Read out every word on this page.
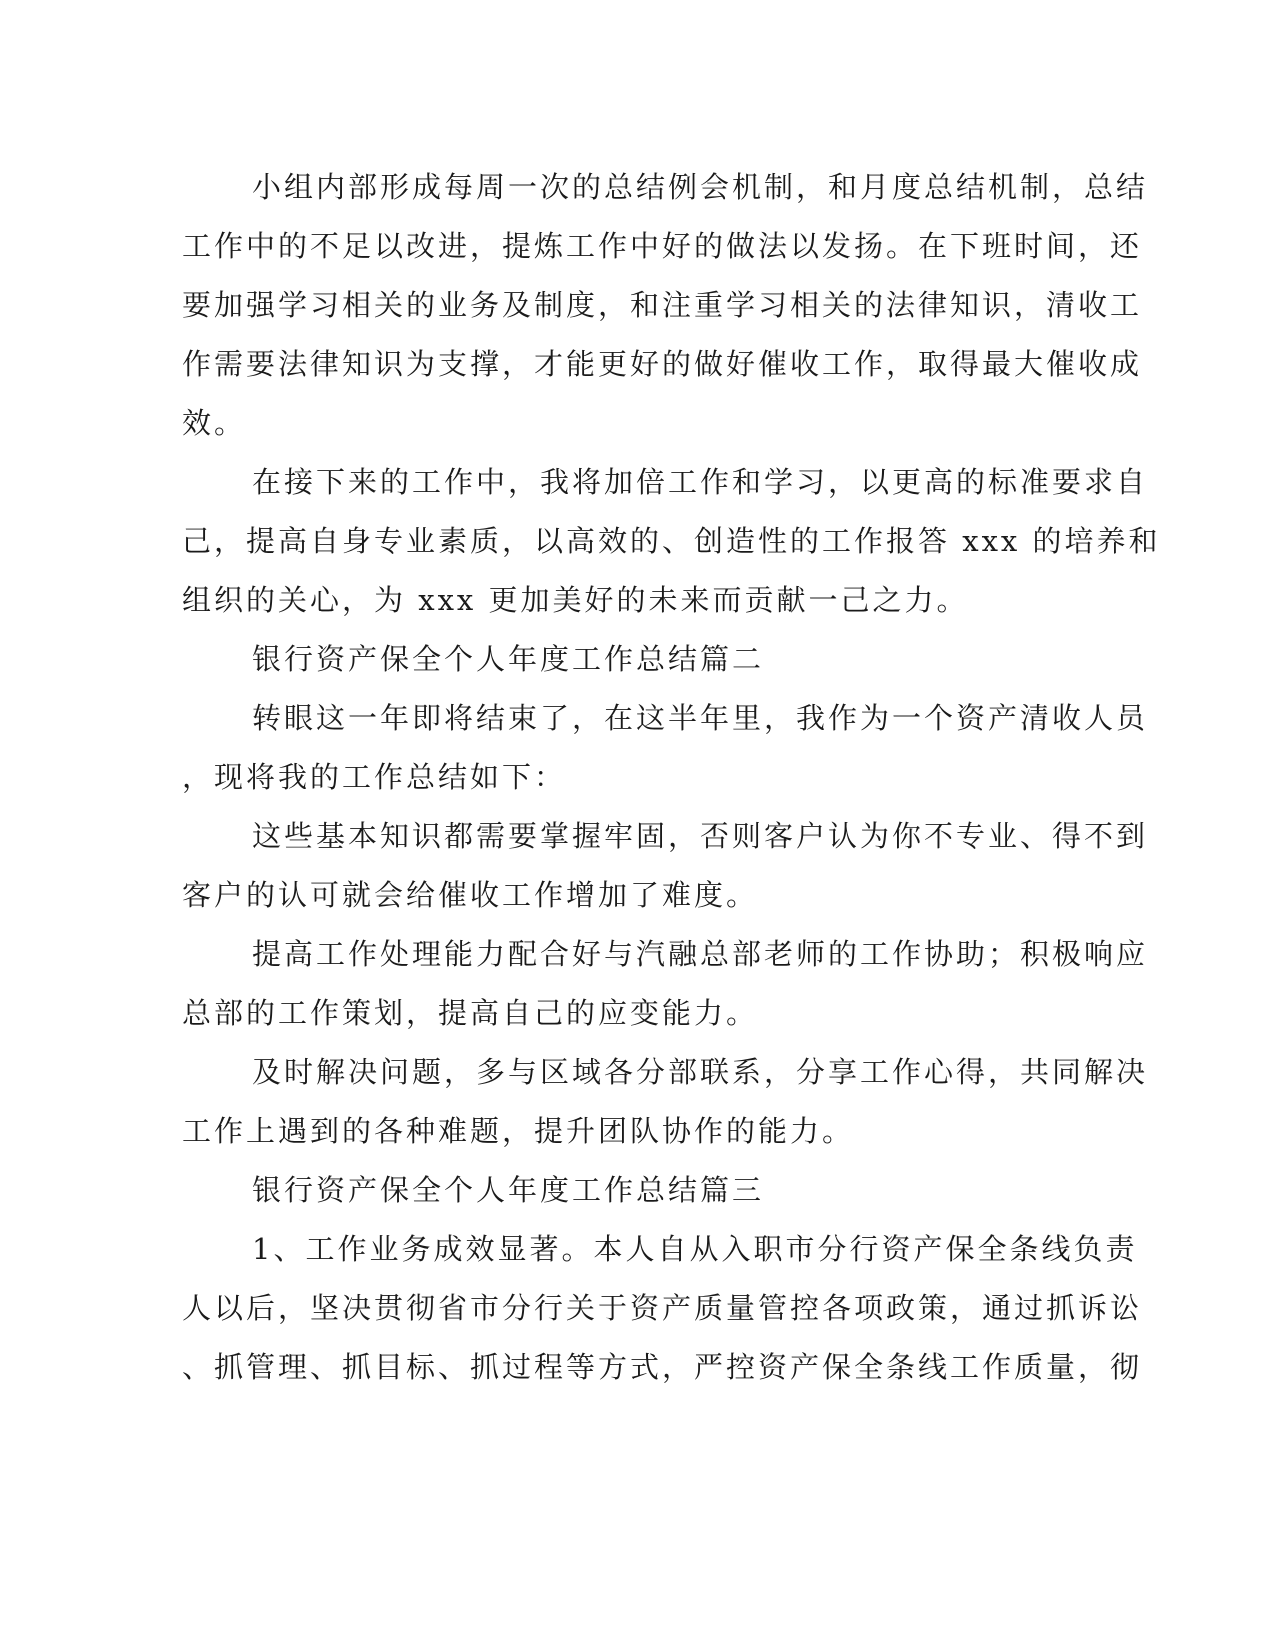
小组内部形成每周一次的总结例会机制，和月度总结机制，总结
工作中的不足以改进，提炼工作中好的做法以发扬。在下班时间，还
要加强学习相关的业务及制度，和注重学习相关的法律知识，清收工
作需要法律知识为支撑，才能更好的做好催收工作，取得最大催收成
效。
在接下来的工作中，我将加倍工作和学习，以更高的标准要求自
己，提高自身专业素质，以高效的、创造性的工作报答 xxx 的培养和
组织的关心，为 xxx 更加美好的未来而贡献一己之力。
银行资产保全个人年度工作总结篇二
转眼这一年即将结束了，在这半年里，我作为一个资产清收人员
，现将我的工作总结如下：
这些基本知识都需要掌握牢固，否则客户认为你不专业、得不到
客户的认可就会给催收工作增加了难度。
提高工作处理能力配合好与汽融总部老师的工作协助；积极响应
总部的工作策划，提高自己的应变能力。
及时解决问题，多与区域各分部联系，分享工作心得，共同解决
工作上遇到的各种难题，提升团队协作的能力。
银行资产保全个人年度工作总结篇三
1、工作业务成效显著。本人自从入职市分行资产保全条线负责
人以后，坚决贯彻省市分行关于资产质量管控各项政策，通过抓诉讼
、抓管理、抓目标、抓过程等方式，严控资产保全条线工作质量，彻
